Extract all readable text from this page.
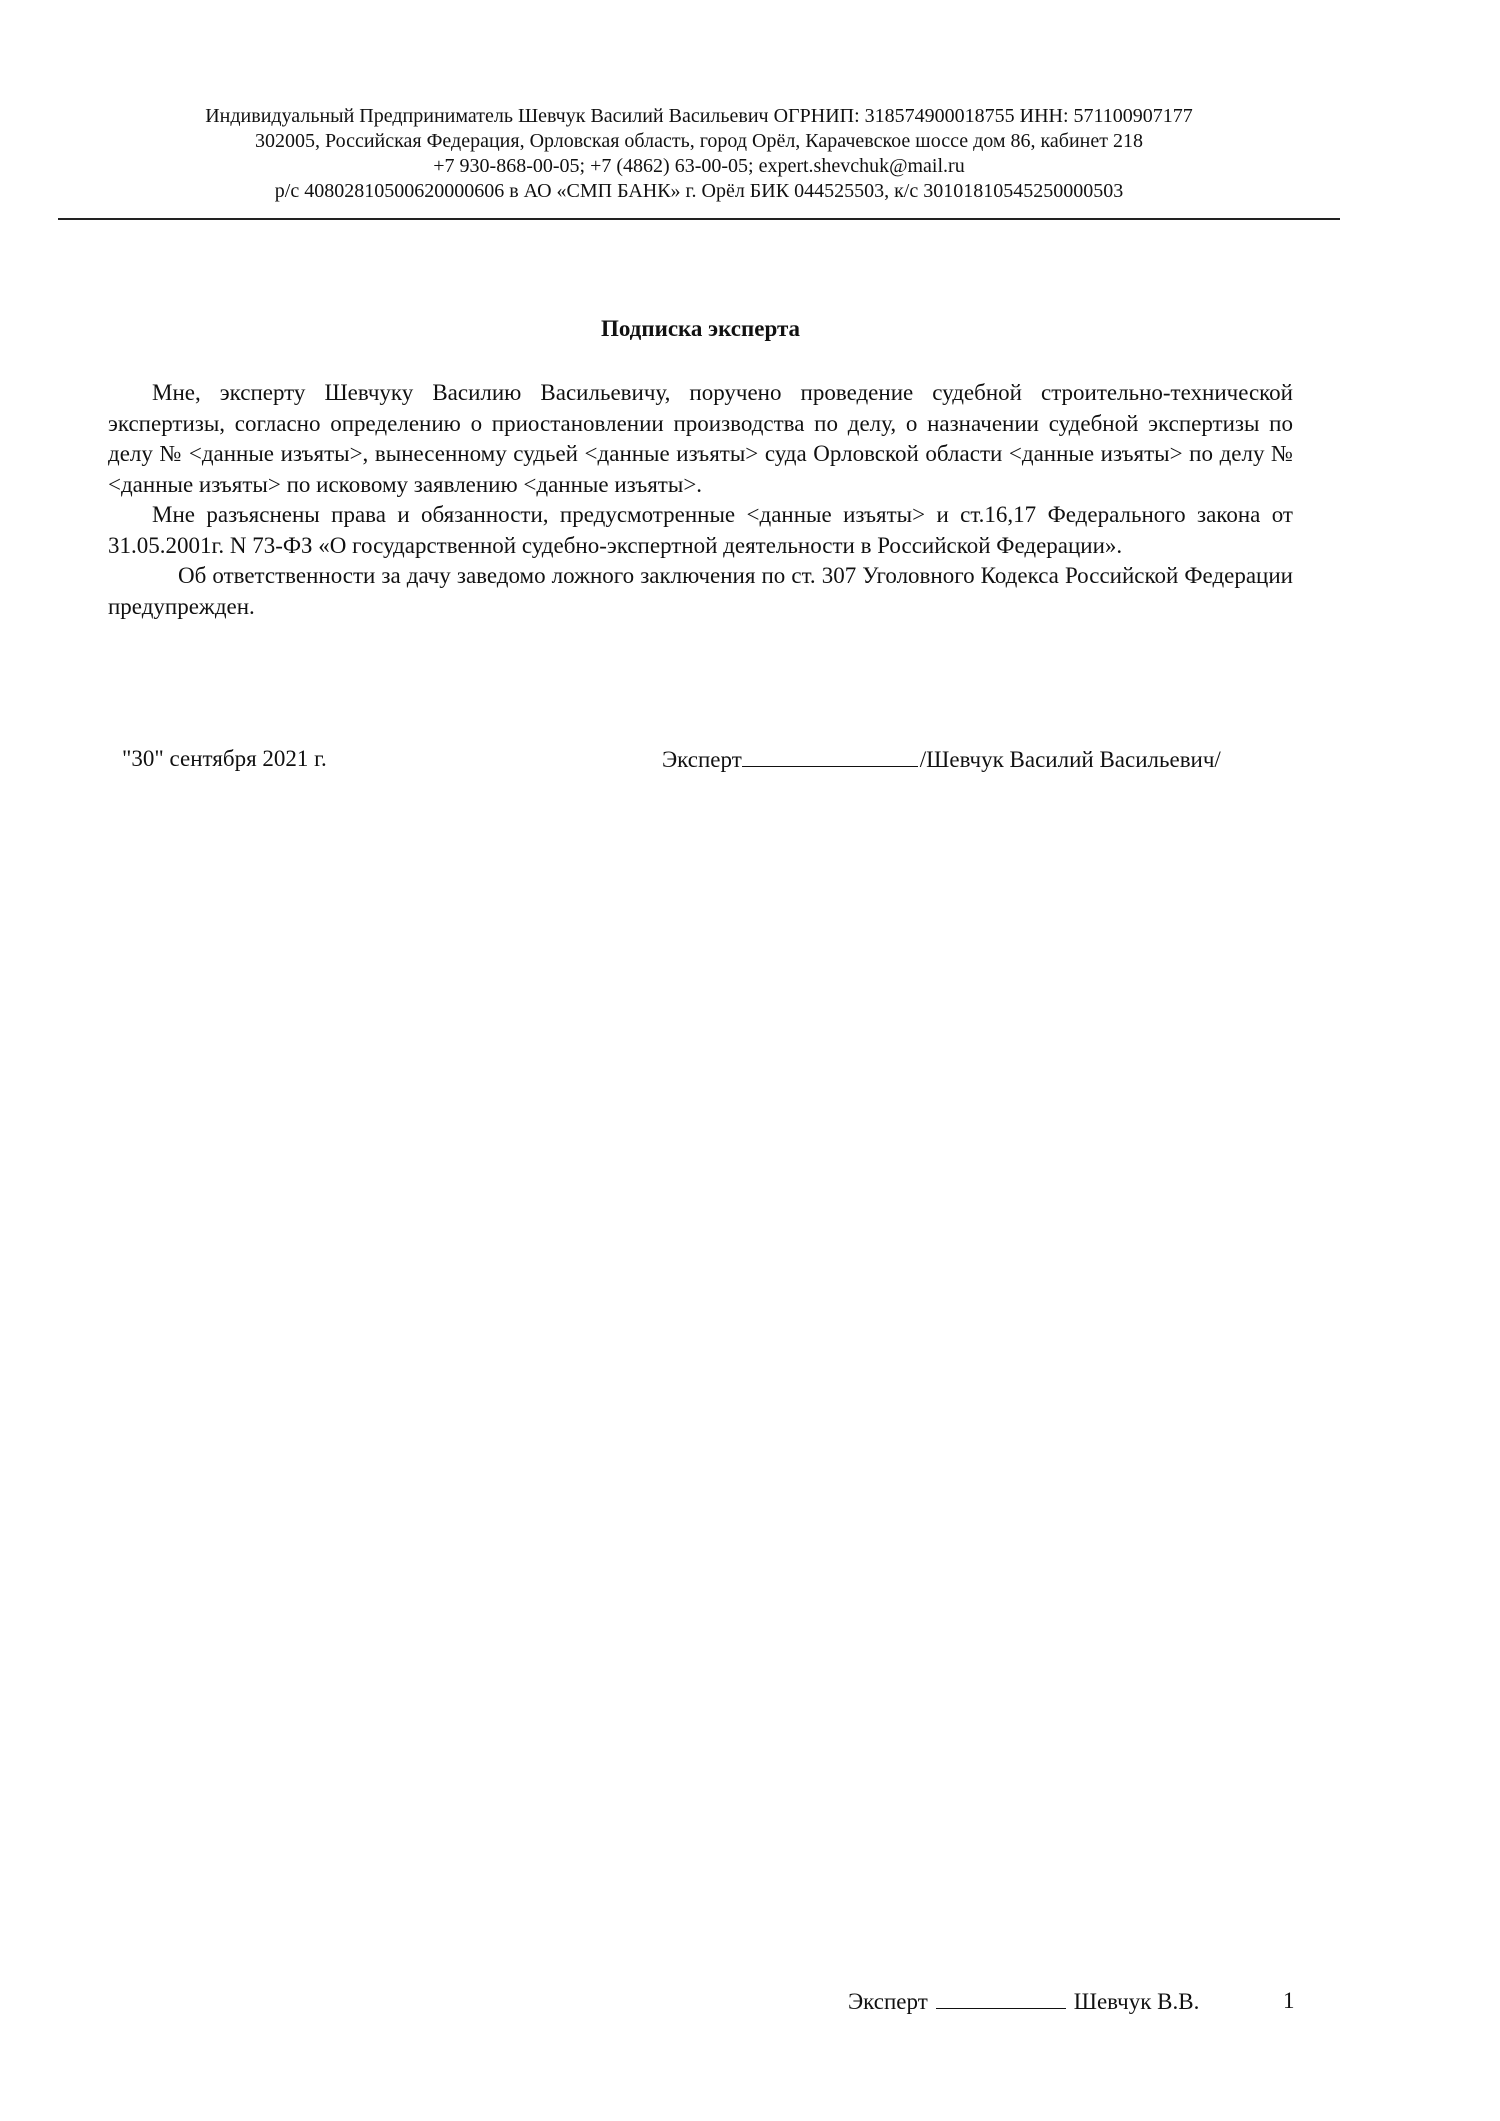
Индивидуальный Предприниматель Шевчук Василий Васильевич ОГРНИП: 318574900018755 ИНН: 571100907177
302005, Российская Федерация, Орловская область, город Орёл, Карачевское шоссе дом 86, кабинет 218
+7 930-868-00-05; +7 (4862) 63-00-05; expert.shevchuk@mail.ru
р/с 40802810500620000606 в АО «СМП БАНК» г. Орёл БИК 044525503, к/с 30101810545250000503
Подписка эксперта

Мне, эксперту Шевчуку Василию Васильевичу, поручено проведение судебной строительно-технической экспертизы, согласно определению о приостановлении производства по делу, о назначении судебной экспертизы по делу № <данные изъяты>, вынесенному судьей <данные изъяты> суда Орловской области <данные изъяты> по делу № <данные изъяты> по исковому заявлению <данные изъяты>.

Мне разъяснены права и обязанности, предусмотренные <данные изъяты> и ст.16,17 Федерального закона от 31.05.2001г. N 73-ФЗ «О государственной судебно-экспертной деятельности в Российской Федерации».

Об ответственности за дачу заведомо ложного заключения по ст. 307 Уголовного Кодекса Российской Федерации предупрежден.

"30" сентября 2021 г.	Эксперт	/Шевчук Василий Васильевич/
Эксперт	Шевчук В.В.	1
